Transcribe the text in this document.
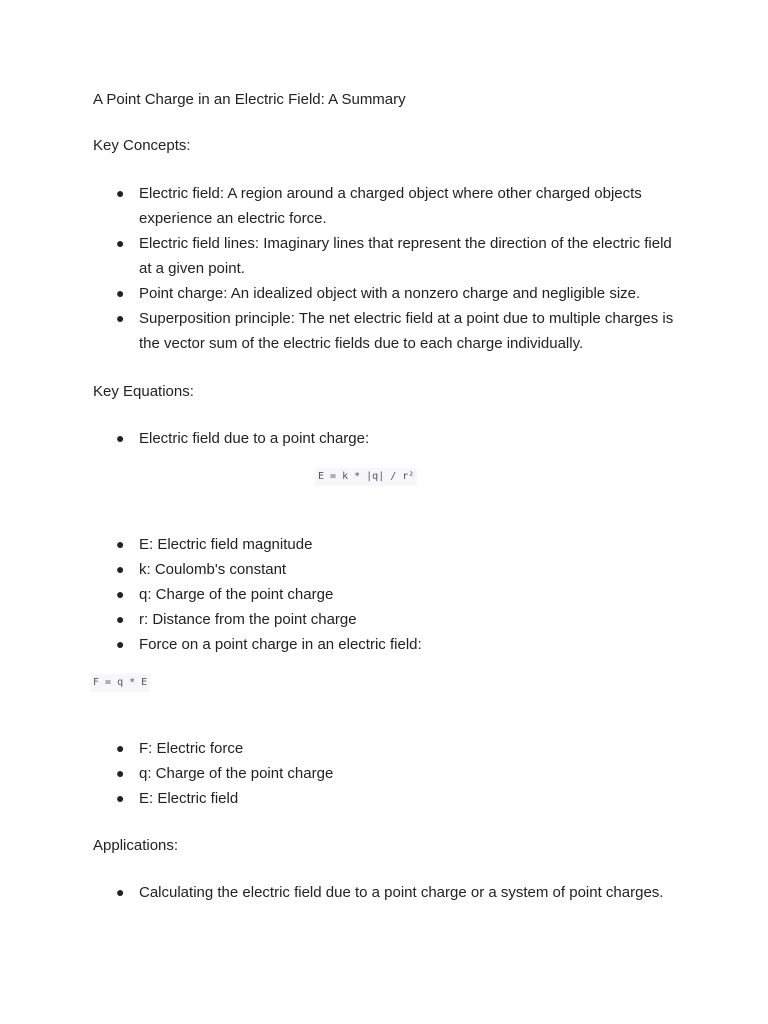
A Point Charge in an Electric Field: A Summary
Key Concepts:
● Electric field: A region around a charged object where other charged objects experience an electric force.
● Electric field lines: Imaginary lines that represent the direction of the electric field at a given point.
● Point charge: An idealized object with a nonzero charge and negligible size.
● Superposition principle: The net electric field at a point due to multiple charges is the vector sum of the electric fields due to each charge individually.
Key Equations:
● Electric field due to a point charge:
E = k * |q| / r²
● E: Electric field magnitude
● k: Coulomb's constant
● q: Charge of the point charge
● r: Distance from the point charge
● Force on a point charge in an electric field:
F = q * E
● F: Electric force
● q: Charge of the point charge
● E: Electric field
Applications:
● Calculating the electric field due to a point charge or a system of point charges.
